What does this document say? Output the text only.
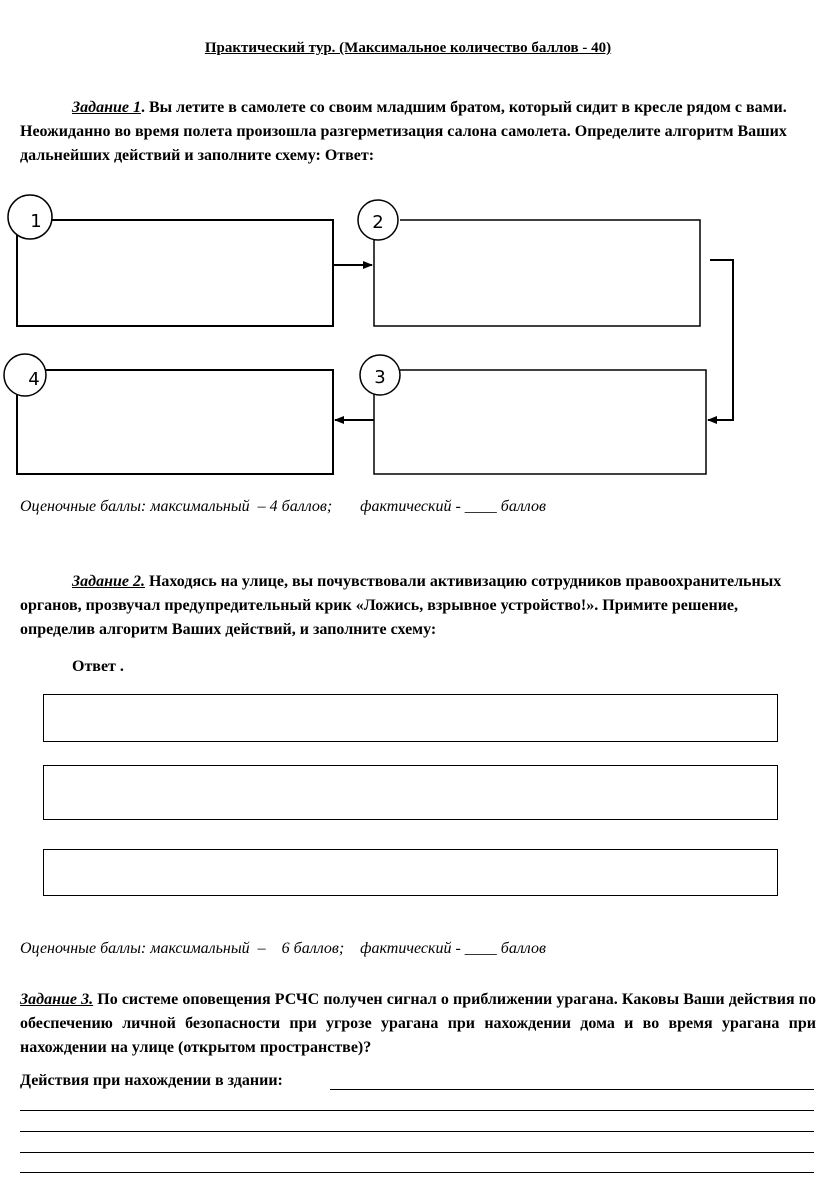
Практический тур. (Максимальное количество баллов - 40)
Задание 1. Вы летите в самолете со своим младшим братом, который сидит в кресле рядом с вами. Неожиданно во время полета произошла разгерметизация салона самолета. Определите алгоритм Ваших дальнейших действий и заполните схему: Ответ:
1	2
4	3
Оценочные баллы: максимальный  – 4 баллов;       фактический - ____ баллов
Задание 2. Находясь на улице, вы почувствовали активизацию сотрудников правоохранительных органов, прозвучал предупредительный крик «Ложись, взрывное устройство!». Примите решение, определив алгоритм Ваших действий, и заполните схему:
Ответ .
Оценочные баллы: максимальный  –    6 баллов;    фактический - ____ баллов
Задание 3. По системе оповещения РСЧС получен сигнал о приближении урагана. Каковы Ваши действия по обеспечению личной безопасности при угрозе урагана при нахождении дома и во время урагана при нахождении на улице (открытом пространстве)?
Действия при нахождении в здании:
